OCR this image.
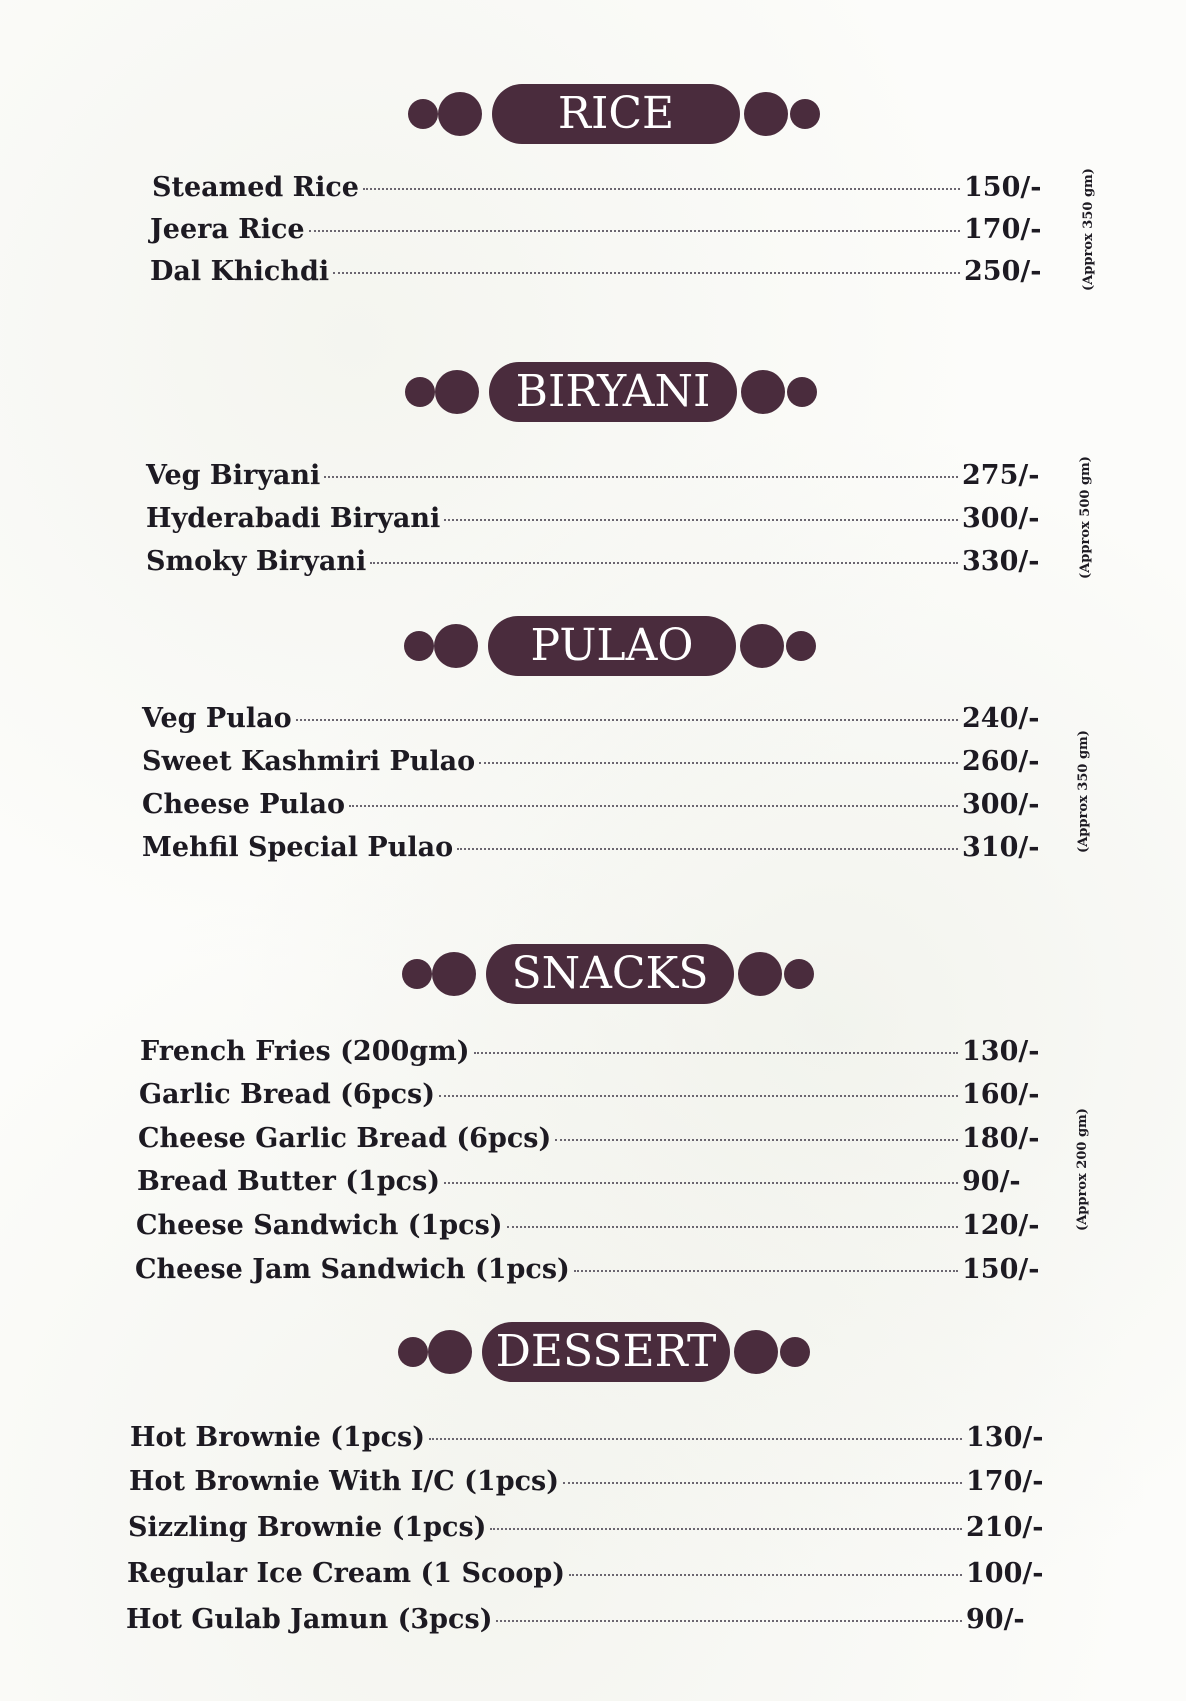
RICE
Steamed Rice	150/-
Jeera Rice	170/-
Dal Khichdi	250/-	(Approx 350 gm)
BIRYANI
Veg Biryani	275/-
Hyderabadi Biryani	300/-
Smoky Biryani	330/-	(Approx 500 gm)
PULAO
Veg Pulao	240/-
Sweet Kashmiri Pulao	260/-
Cheese Pulao	300/-
Mehfil Special Pulao	310/-	(Approx 350 gm)
SNACKS
French Fries (200gm)	130/-
Garlic Bread (6pcs)	160/-
Cheese Garlic Bread (6pcs)	180/-
Bread Butter (1pcs)	90/-
Cheese Sandwich (1pcs)	120/-
Cheese Jam Sandwich (1pcs)	150/-
(Approx 200 gm)
DESSERT
Hot Brownie (1pcs)	130/-
Hot Brownie With I/C (1pcs)	170/-
Sizzling Brownie (1pcs)	210/-
Regular Ice Cream (1 Scoop)	100/-
Hot Gulab Jamun (3pcs)	90/-
